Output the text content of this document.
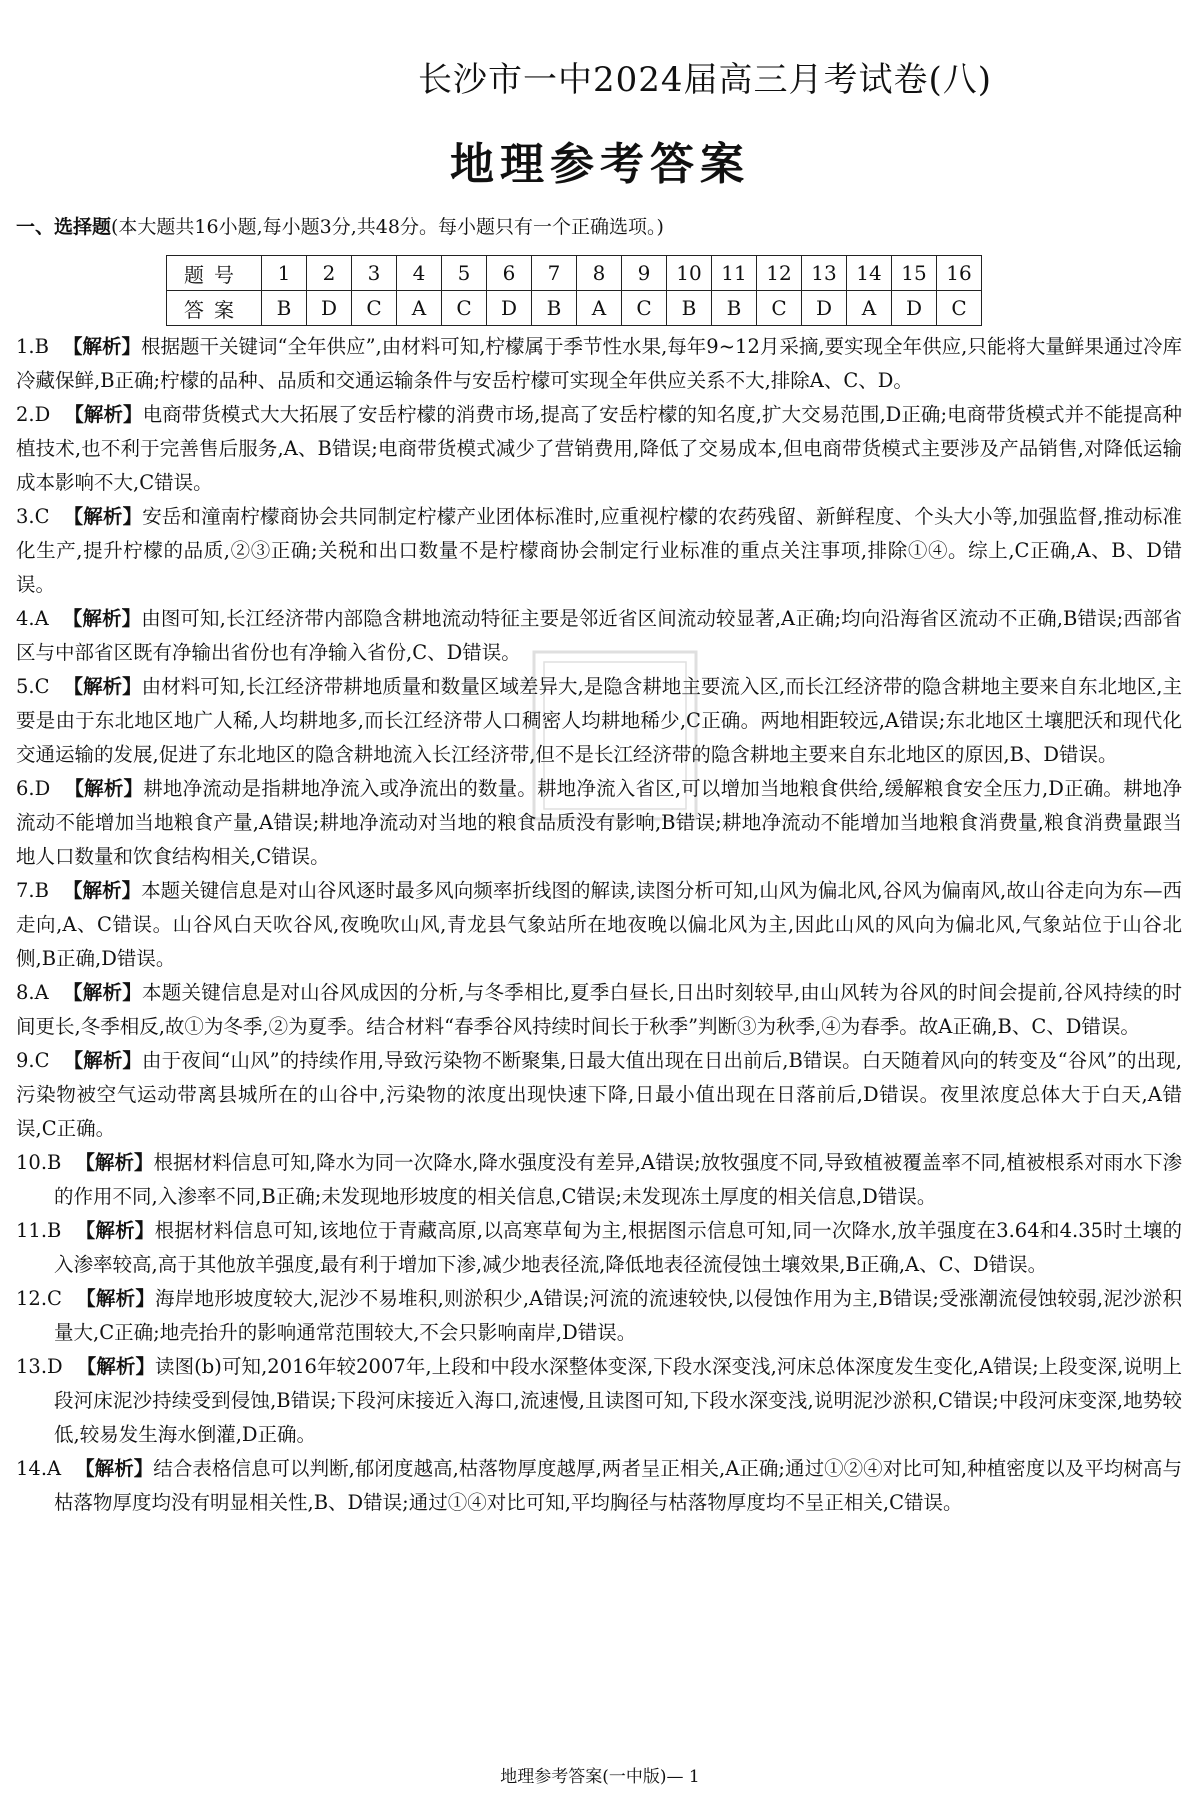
长沙市一中2024届高三月考试卷(八)
地理参考答案
一、选择题(本大题共16小题,每小题3分,共48分。每小题只有一个正确选项。)
题号	1	2	3	4	5	6	7	8	9	10	11	12	13	14	15	16
答案	B	D	C	A	C	D	B	A	C	B	B	C	D	A	D	C
1.B 【解析】根据题干关键词“全年供应”,由材料可知,柠檬属于季节性水果,每年9~12月采摘,要实现全年供应,只能将大量鲜果通过冷库冷藏保鲜,B正确;柠檬的品种、品质和交通运输条件与安岳柠檬可实现全年供应关系不大,排除A、C、D。
2.D 【解析】电商带货模式大大拓展了安岳柠檬的消费市场,提高了安岳柠檬的知名度,扩大交易范围,D正确;电商带货模式并不能提高种植技术,也不利于完善售后服务,A、B错误;电商带货模式减少了营销费用,降低了交易成本,但电商带货模式主要涉及产品销售,对降低运输成本影响不大,C错误。
3.C 【解析】安岳和潼南柠檬商协会共同制定柠檬产业团体标准时,应重视柠檬的农药残留、新鲜程度、个头大小等,加强监督,推动标准化生产,提升柠檬的品质,②③正确;关税和出口数量不是柠檬商协会制定行业标准的重点关注事项,排除①④。综上,C正确,A、B、D错误。
4.A 【解析】由图可知,长江经济带内部隐含耕地流动特征主要是邻近省区间流动较显著,A正确;均向沿海省区流动不正确,B错误;西部省区与中部省区既有净输出省份也有净输入省份,C、D错误。
5.C 【解析】由材料可知,长江经济带耕地质量和数量区域差异大,是隐含耕地主要流入区,而长江经济带的隐含耕地主要来自东北地区,主要是由于东北地区地广人稀,人均耕地多,而长江经济带人口稠密人均耕地稀少,C正确。两地相距较远,A错误;东北地区土壤肥沃和现代化交通运输的发展,促进了东北地区的隐含耕地流入长江经济带,但不是长江经济带的隐含耕地主要来自东北地区的原因,B、D错误。
6.D 【解析】耕地净流动是指耕地净流入或净流出的数量。耕地净流入省区,可以增加当地粮食供给,缓解粮食安全压力,D正确。耕地净流动不能增加当地粮食产量,A错误;耕地净流动对当地的粮食品质没有影响,B错误;耕地净流动不能增加当地粮食消费量,粮食消费量跟当地人口数量和饮食结构相关,C错误。
7.B 【解析】本题关键信息是对山谷风逐时最多风向频率折线图的解读,读图分析可知,山风为偏北风,谷风为偏南风,故山谷走向为东—西走向,A、C错误。山谷风白天吹谷风,夜晚吹山风,青龙县气象站所在地夜晚以偏北风为主,因此山风的风向为偏北风,气象站位于山谷北侧,B正确,D错误。
8.A 【解析】本题关键信息是对山谷风成因的分析,与冬季相比,夏季白昼长,日出时刻较早,由山风转为谷风的时间会提前,谷风持续的时间更长,冬季相反,故①为冬季,②为夏季。结合材料“春季谷风持续时间长于秋季”判断③为秋季,④为春季。故A正确,B、C、D错误。
9.C 【解析】由于夜间“山风”的持续作用,导致污染物不断聚集,日最大值出现在日出前后,B错误。白天随着风向的转变及“谷风”的出现,污染物被空气运动带离县城所在的山谷中,污染物的浓度出现快速下降,日最小值出现在日落前后,D错误。夜里浓度总体大于白天,A错误,C正确。
10.B 【解析】根据材料信息可知,降水为同一次降水,降水强度没有差异,A错误;放牧强度不同,导致植被覆盖率不同,植被根系对雨水下渗的作用不同,入渗率不同,B正确;未发现地形坡度的相关信息,C错误;未发现冻土厚度的相关信息,D错误。
11.B 【解析】根据材料信息可知,该地位于青藏高原,以高寒草甸为主,根据图示信息可知,同一次降水,放羊强度在3.64和4.35时土壤的入渗率较高,高于其他放羊强度,最有利于增加下渗,减少地表径流,降低地表径流侵蚀土壤效果,B正确,A、C、D错误。
12.C 【解析】海岸地形坡度较大,泥沙不易堆积,则淤积少,A错误;河流的流速较快,以侵蚀作用为主,B错误;受涨潮流侵蚀较弱,泥沙淤积量大,C正确;地壳抬升的影响通常范围较大,不会只影响南岸,D错误。
13.D 【解析】读图(b)可知,2016年较2007年,上段和中段水深整体变深,下段水深变浅,河床总体深度发生变化,A错误;上段变深,说明上段河床泥沙持续受到侵蚀,B错误;下段河床接近入海口,流速慢,且读图可知,下段水深变浅,说明泥沙淤积,C错误;中段河床变深,地势较低,较易发生海水倒灌,D正确。
14.A 【解析】结合表格信息可以判断,郁闭度越高,枯落物厚度越厚,两者呈正相关,A正确;通过①②④对比可知,种植密度以及平均树高与枯落物厚度均没有明显相关性,B、D错误;通过①④对比可知,平均胸径与枯落物厚度均不呈正相关,C错误。
地理参考答案(一中版)— 1
